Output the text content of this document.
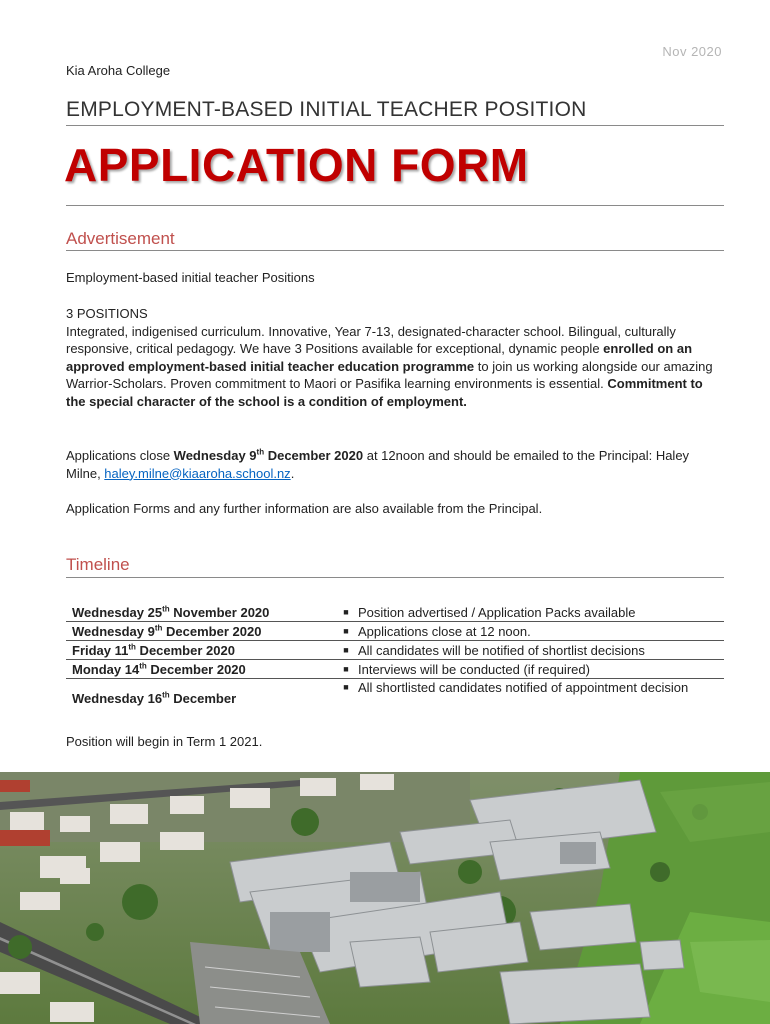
Nov 2020
Kia Aroha College
EMPLOYMENT-BASED INITIAL TEACHER POSITION
APPLICATION FORM
Advertisement
Employment-based initial teacher Positions
3 POSITIONS
Integrated, indigenised curriculum. Innovative, Year 7-13, designated-character school. Bilingual, culturally responsive, critical pedagogy. We have 3 Positions available for exceptional, dynamic people enrolled on an approved employment-based initial teacher education programme to join us working alongside our amazing Warrior-Scholars. Proven commitment to Maori or Pasifika learning environments is essential. Commitment to the special character of the school is a condition of employment.
Applications close Wednesday 9th December 2020 at 12noon and should be emailed to the Principal: Haley Milne, haley.milne@kiaaroha.school.nz.
Application Forms and any further information are also available from the Principal.
Timeline
Wednesday 25th November 2020	■	Position advertised / Application Packs available
Wednesday 9th December 2020	■	Applications close at 12 noon.
Friday 11th December 2020	■	All candidates will be notified of shortlist decisions
Monday 14th December 2020	■	Interviews will be conducted (if required)
Wednesday 16th December	■	All shortlisted candidates notified of appointment decision
Position will begin in Term 1 2021.
